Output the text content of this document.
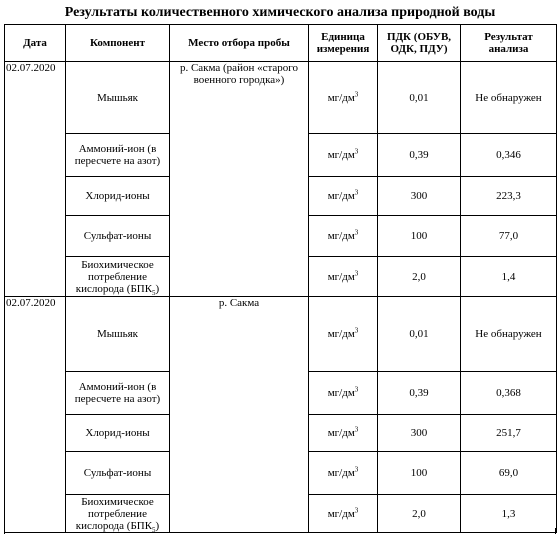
Результаты количественного химического анализа природной воды
Дата	Компонент	Место отбора пробы	Единица измерения	ПДК (ОБУВ, ОДК, ПДУ)	Результат анализа
02.07.2020	Мышьяк	р. Сакма (район «старого военного городка»)	$мг/дм^3$	0,01	Не обнаружен
	Аммоний-ион (в пересчете на азот)		$мг/дм^3$	0,39	0,346
	Хлорид-ионы		$мг/дм^3$	300	223,3
	Сульфат-ионы		$мг/дм^3$	100	77,0
	Биохимическое потребление кислорода $(БПК_5)$		$мг/дм^3$	2,0	1,4
02.07.2020	Мышьяк	р. Сакма	$мг/дм^3$	0,01	Не обнаружен
	Аммоний-ион (в пересчете на азот)		$мг/дм^3$	0,39	0,368
	Хлорид-ионы		$мг/дм^3$	300	251,7
	Сульфат-ионы		$мг/дм^3$	100	69,0
	Биохимическое потребление кислорода $(БПК_5)$		$мг/дм^3$	2,0	1,3
